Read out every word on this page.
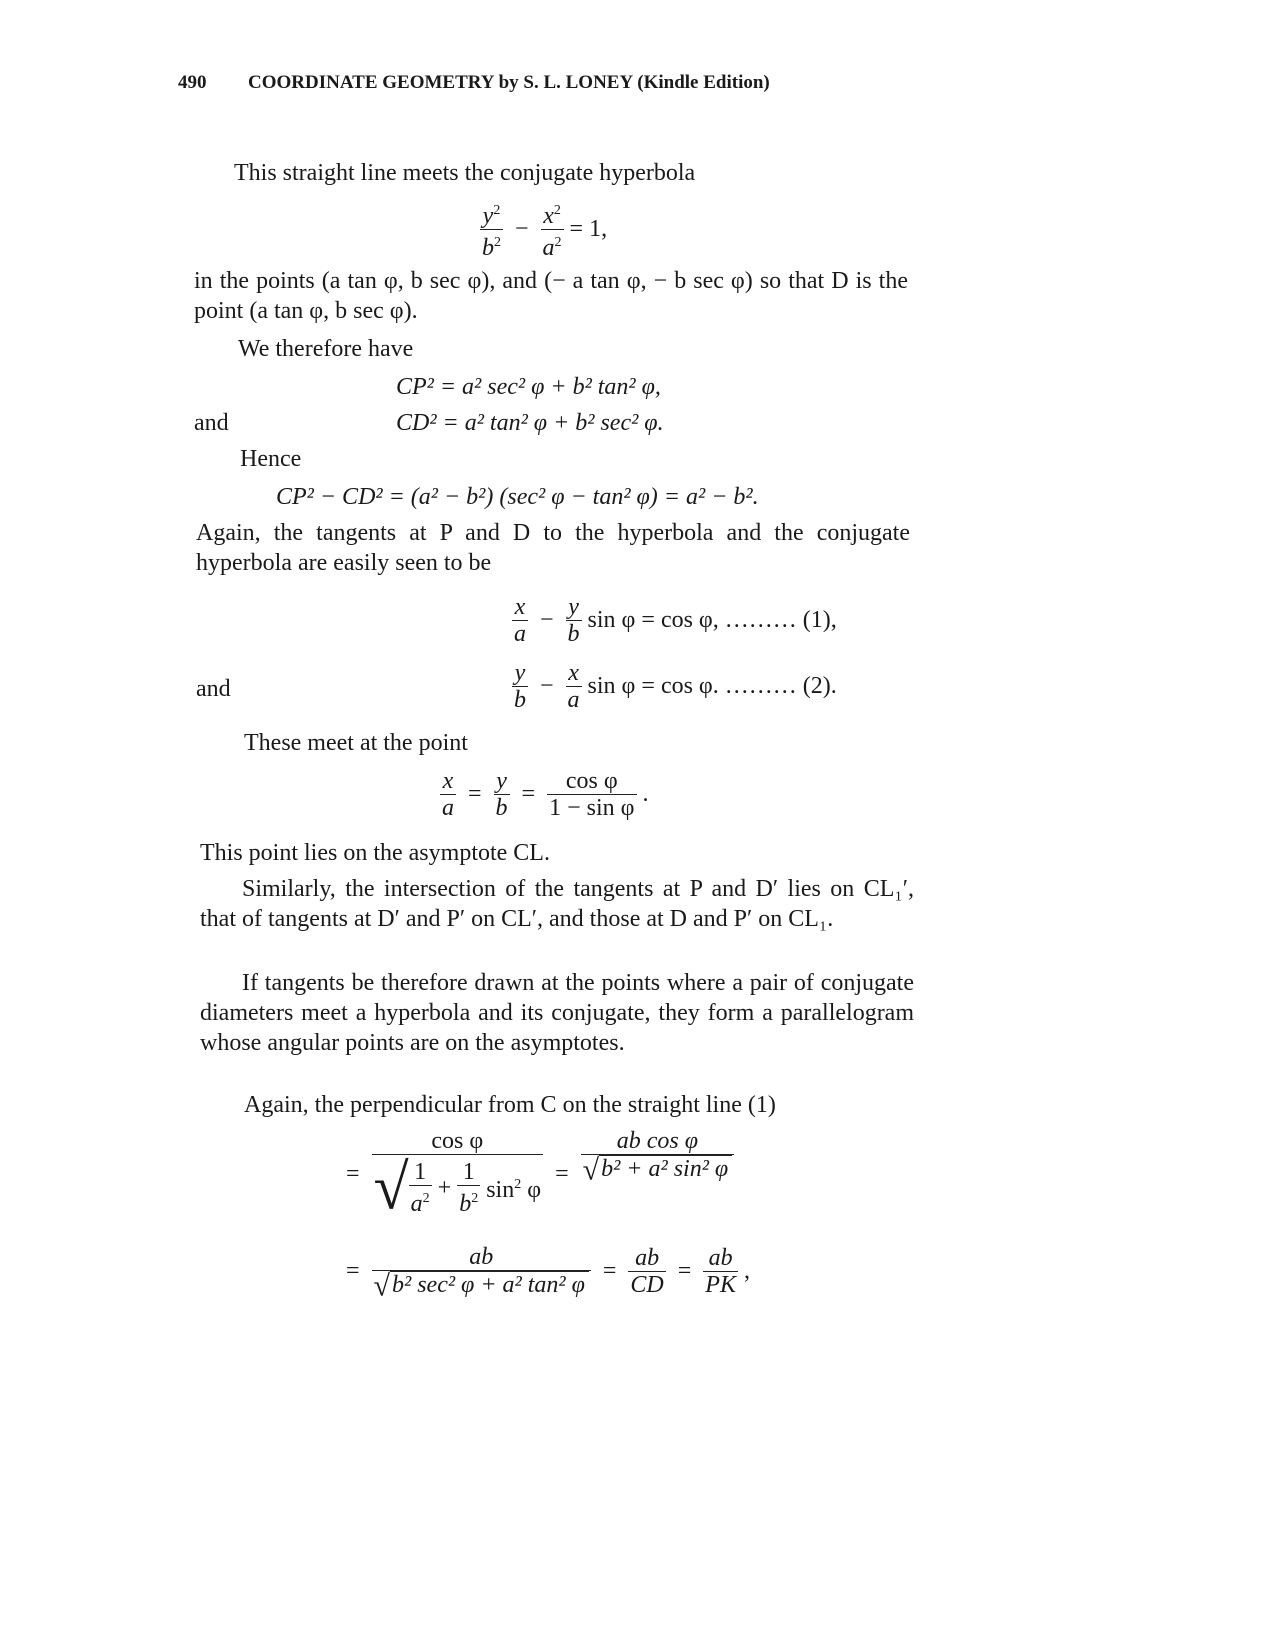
490 COORDINATE GEOMETRY by S. L. LONEY (Kindle Edition)
This straight line meets the conjugate hyperbola
$\frac{y^2}{b^2} - \frac{x^2}{a^2} = 1$,
in the points (a tan φ, b sec φ), and (− a tan φ, − b sec φ) so that D is the point (a tan φ, b sec φ).
We therefore have
CP² = a² sec² φ + b² tan² φ,
and	CD² = a² tan² φ + b² sec² φ.
Hence
CP² − CD² = (a² − b²) (sec² φ − tan² φ) = a² − b².
Again, the tangents at P and D to the hyperbola and the conjugate hyperbola are easily seen to be
$\frac{x}{a} - \frac{y}{b}$ sin φ = cos φ, ……… (1),
and	$\frac{y}{b} - \frac{x}{a}$ sin φ = cos φ. ……… (2).
These meet at the point
$\frac{x}{a} = \frac{y}{b} = \frac{\text{cos φ}}{\text{1 − sin φ}}$ .
This point lies on the asymptote CL.
Similarly, the intersection of the tangents at P and D′ lies on CL₁′, that of tangents at D′ and P′ on CL′, and those at D and P′ on CL₁.
If tangents be therefore drawn at the points where a pair of conjugate diameters meet a hyperbola and its conjugate, they form a parallelogram whose angular points are on the asymptotes.
Again, the perpendicular from C on the straight line (1)
= $\frac{\text{cos φ}}{√ \frac{1}{a^2} + \frac{1}{b^2} \sin^2 \varphi} = \frac{\text{ab cos φ}}{\text{√b² + a² sin² φ}}$
= $\frac{ab}{\text{√b² sec² φ + a² tan² φ}} = \frac{ab}{CD} = \frac{ab}{PK}$ ,
